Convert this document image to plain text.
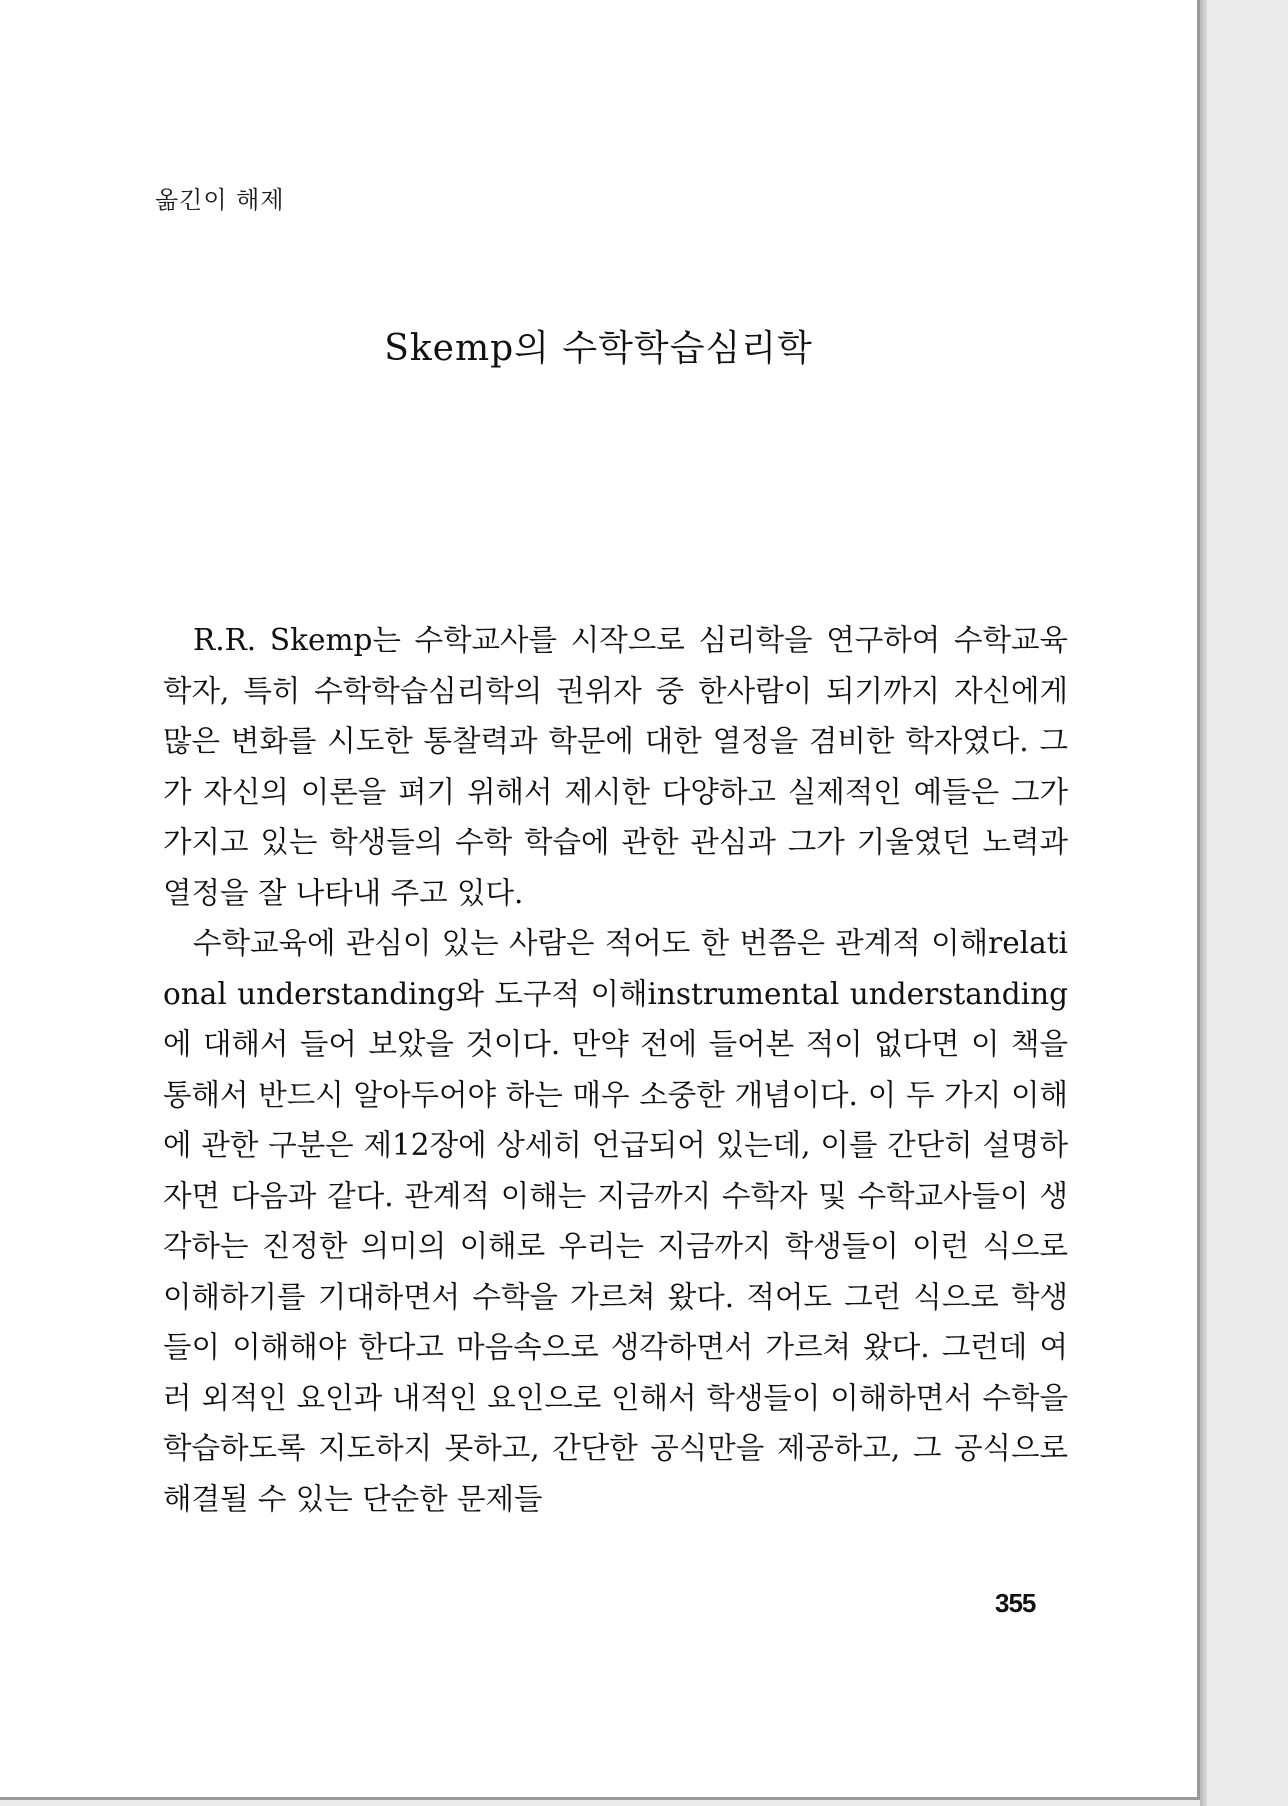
옮긴이 해제
Skemp의 수학학습심리학

R.R. Skemp는 수학교사를 시작으로 심리학을 연구하여 수학교육학자, 특히 수학학습심리학의 권위자 중 한사람이 되기까지 자신에게 많은 변화를 시도한 통찰력과 학문에 대한 열정을 겸비한 학자였다. 그가 자신의 이론을 펴기 위해서 제시한 다양하고 실제적인 예들은 그가 가지고 있는 학생들의 수학 학습에 관한 관심과 그가 기울였던 노력과 열정을 잘 나타내 주고 있다.

수학교육에 관심이 있는 사람은 적어도 한 번쯤은 관계적 이해relational understanding와 도구적 이해instrumental understanding에 대해서 들어 보았을 것이다. 만약 전에 들어본 적이 없다면 이 책을 통해서 반드시 알아두어야 하는 매우 소중한 개념이다. 이 두 가지 이해에 관한 구분은 제12장에 상세히 언급되어 있는데, 이를 간단히 설명하자면 다음과 같다. 관계적 이해는 지금까지 수학자 및 수학교사들이 생각하는 진정한 의미의 이해로 우리는 지금까지 학생들이 이런 식으로 이해하기를 기대하면서 수학을 가르쳐 왔다. 적어도 그런 식으로 학생들이 이해해야 한다고 마음속으로 생각하면서 가르쳐 왔다. 그런데 여러 외적인 요인과 내적인 요인으로 인해서 학생들이 이해하면서 수학을 학습하도록 지도하지 못하고, 간단한 공식만을 제공하고, 그 공식으로 해결될 수 있는 단순한 문제들

355
